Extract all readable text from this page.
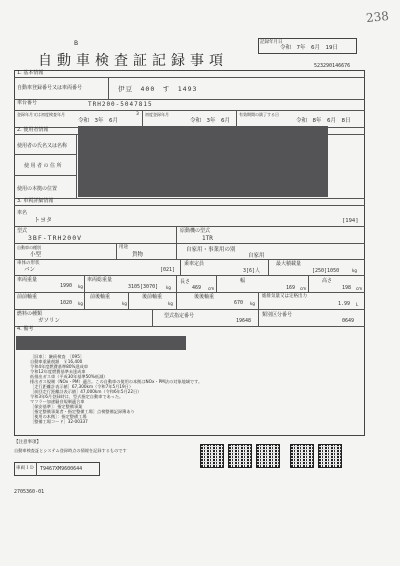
238
記録年月日
令和　7年　6月　19日
B
自動車検査証記録事項	523290146676
1. 基本情報
自動車登録番号又は車両番号	伊豆　400　す　1493
車台番号	TRH200-5047815
登録年月又は初度検査年月
令和　3年　6月
3 初度登録年月
令和　3年　6月
有効期間の満了する日
令和　8年　6月　8日
2. 使用者情報
使用者の氏名又は名称
使用者の住所
使用の本拠の位置
3. 車両詳細情報
車名
トヨタ	[194]
型式
3BF-TRH200V
原動機の型式
1TR
自動車の種別
小型
用途
貨物
自家用・事業用の別
自家用
車体の形状
バン	[021]
乗車定員
3[6]人
最大積載量
[250]1050	kg
車両重量
1990 kg
車両総重量
3105[3070] kg
長さ
469 cm
幅
169 cm
高さ
198 cm
前前軸重
1020 kg
前後軸重
kg
後前軸重
kg
後後軸重
670 kg
総排気量又は定格出力
1.99 L
燃料の種類
ガソリン
型式指定番号
19648
類別区分番号
0649
4. 備考
［旧車］：継続検査　［095］
自動車重量税額　￥16,400
令和4年度燃費基準80%達成車
令和12年度燃費基準未達成車
低排出ガス車（平成30年基準50%低減）
排出ガス規制（NOx・PM）適合。この自動車の使用の本拠はNOx・PM法の対象地域です。
［走行距離計表示値］67,300km（令和7年5月19日）
［前回走行距離計表示値］47,000km（令和6年5月22日）
令和3年6月登録時は、型式指定自動車であった。
マフラー加速騒音規制適合車
［保安基準］：指定整備事業
［指定整備事業者・指定整備工場］点検整備記録簿あり
［使用の本拠］：指定整備工場
［整備工場コード］32-00337
【注意事項】
自動車検査証とシステム登録時点の情報を記録するものです
車両ＩＤ T9467XM9600644
2705360-01
